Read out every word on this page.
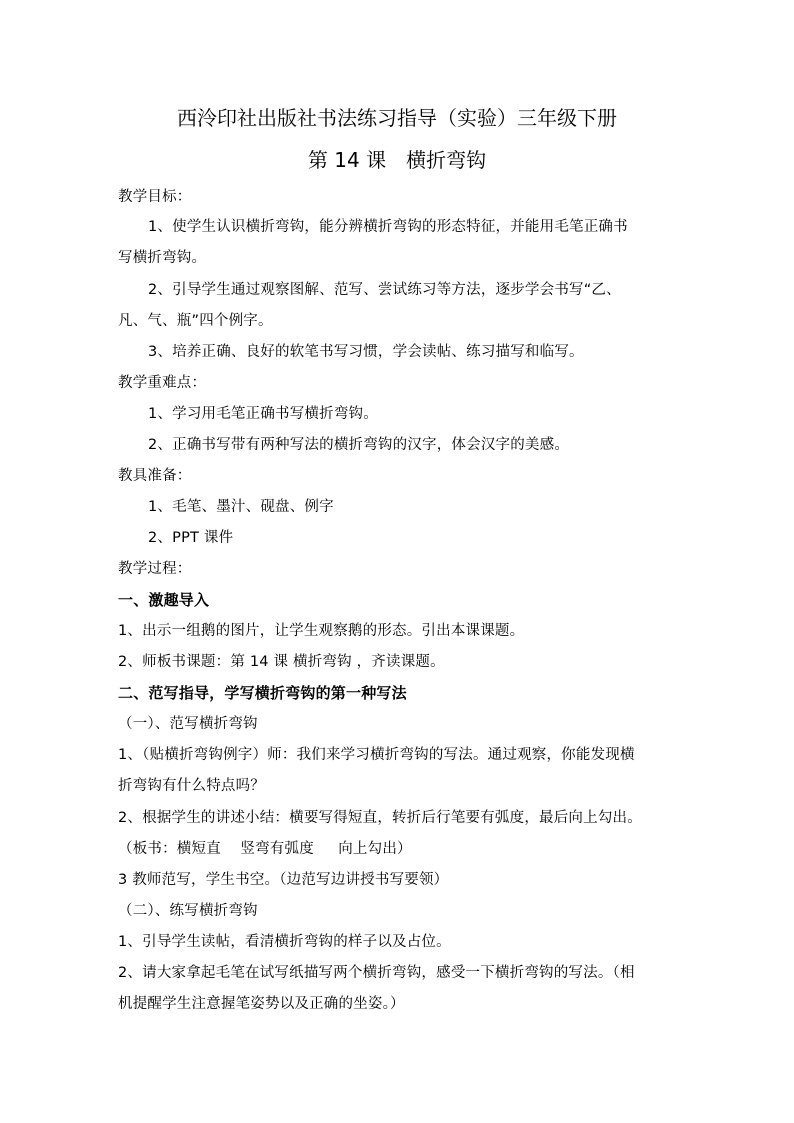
西泠印社出版社书法练习指导（实验）三年级下册
第 14 课　横折弯钩
教学目标：
1、使学生认识横折弯钩，能分辨横折弯钩的形态特征，并能用毛笔正确书
写横折弯钩。
2、引导学生通过观察图解、范写、尝试练习等方法，逐步学会书写“乙、
凡、气、瓶”四个例字。
3、培养正确、良好的软笔书写习惯，学会读帖、练习描写和临写。
教学重难点：
1、学习用毛笔正确书写横折弯钩。
2、正确书写带有两种写法的横折弯钩的汉字，体会汉字的美感。
教具准备：
1、毛笔、墨汁、砚盘、例字
2、PPT 课件
教学过程：
一、激趣导入
1、出示一组鹅的图片，让学生观察鹅的形态。引出本课课题。
2、师板书课题：第 14 课 横折弯钩 ，齐读课题。
二、范写指导，学写横折弯钩的第一种写法
（一）、范写横折弯钩
1、（贴横折弯钩例字）师：我们来学习横折弯钩的写法。通过观察，你能发现横
折弯钩有什么特点吗？
2、根据学生的讲述小结：横要写得短直，转折后行笔要有弧度，最后向上勾出。
（板书：横短直　 竖弯有弧度 　 向上勾出）
3 教师范写，学生书空。（边范写边讲授书写要领）
（二）、练写横折弯钩
1、引导学生读帖，看清横折弯钩的样子以及占位。
2、请大家拿起毛笔在试写纸描写两个横折弯钩，感受一下横折弯钩的写法。（相
机提醒学生注意握笔姿势以及正确的坐姿。）
